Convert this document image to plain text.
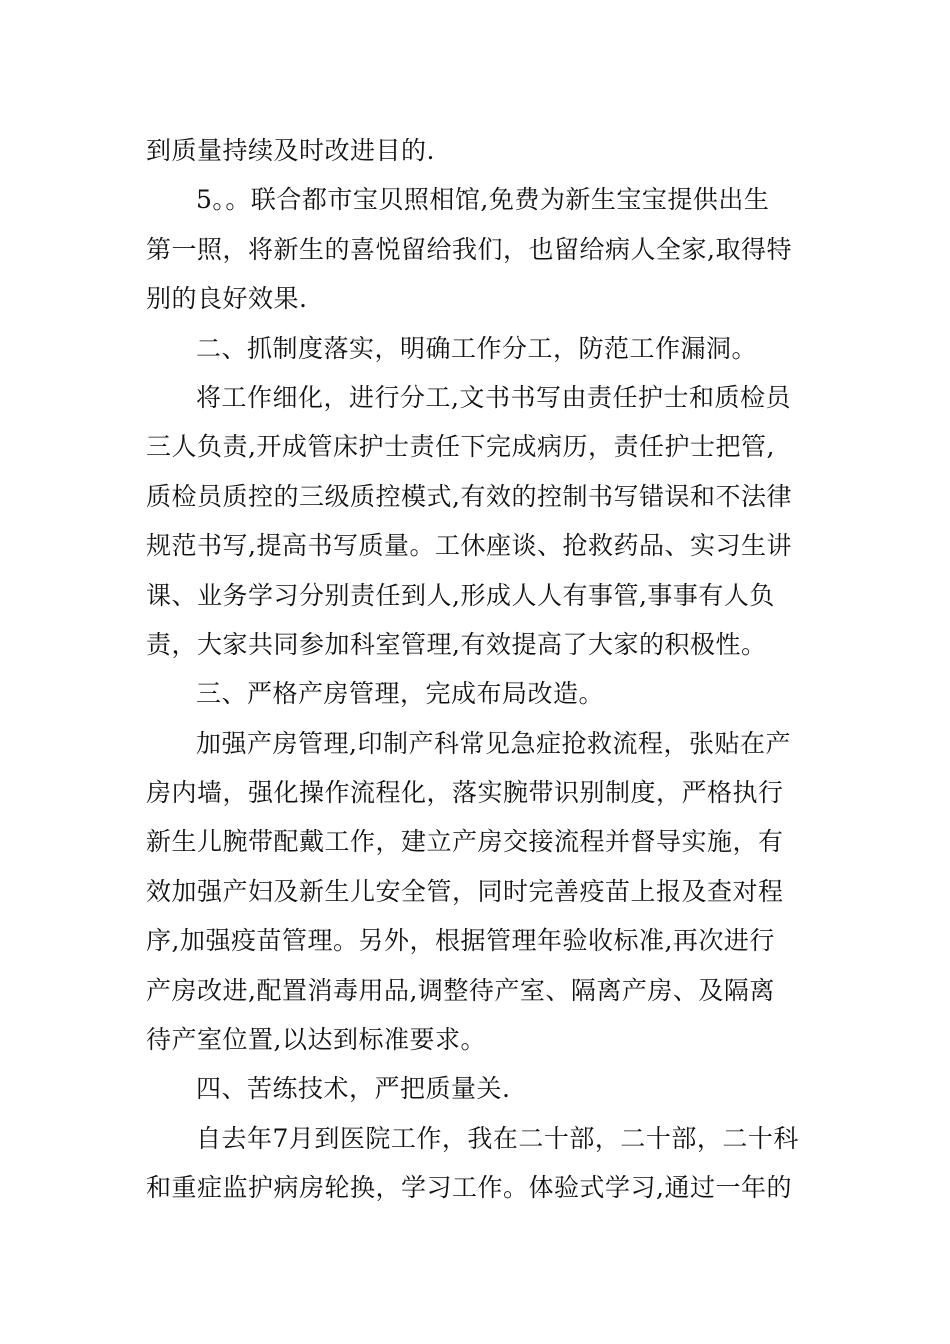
到质量持续及时改进目的.
5。。联合都市宝贝照相馆,免费为新生宝宝提供出生
第一照，将新生的喜悦留给我们，也留给病人全家,取得特
别的良好效果.
二、抓制度落实，明确工作分工，防范工作漏洞。
将工作细化，进行分工,文书书写由责任护士和质检员
三人负责,开成管床护士责任下完成病历，责任护士把管,
质检员质控的三级质控模式,有效的控制书写错误和不法律
规范书写,提高书写质量。工休座谈、抢救药品、实习生讲
课、业务学习分别责任到人,形成人人有事管,事事有人负
责，大家共同参加科室管理,有效提高了大家的积极性。
三、严格产房管理，完成布局改造。
加强产房管理,印制产科常见急症抢救流程，张贴在产
房内墙，强化操作流程化，落实腕带识别制度，严格执行
新生儿腕带配戴工作，建立产房交接流程并督导实施，有
效加强产妇及新生儿安全管，同时完善疫苗上报及查对程
序,加强疫苗管理。另外，根据管理年验收标准,再次进行
产房改进,配置消毒用品,调整待产室、隔离产房、及隔离
待产室位置,以达到标准要求。
四、苦练技术，严把质量关.
自去年7月到医院工作，我在二十部，二十部，二十科
和重症监护病房轮换，学习工作。体验式学习,通过一年的
